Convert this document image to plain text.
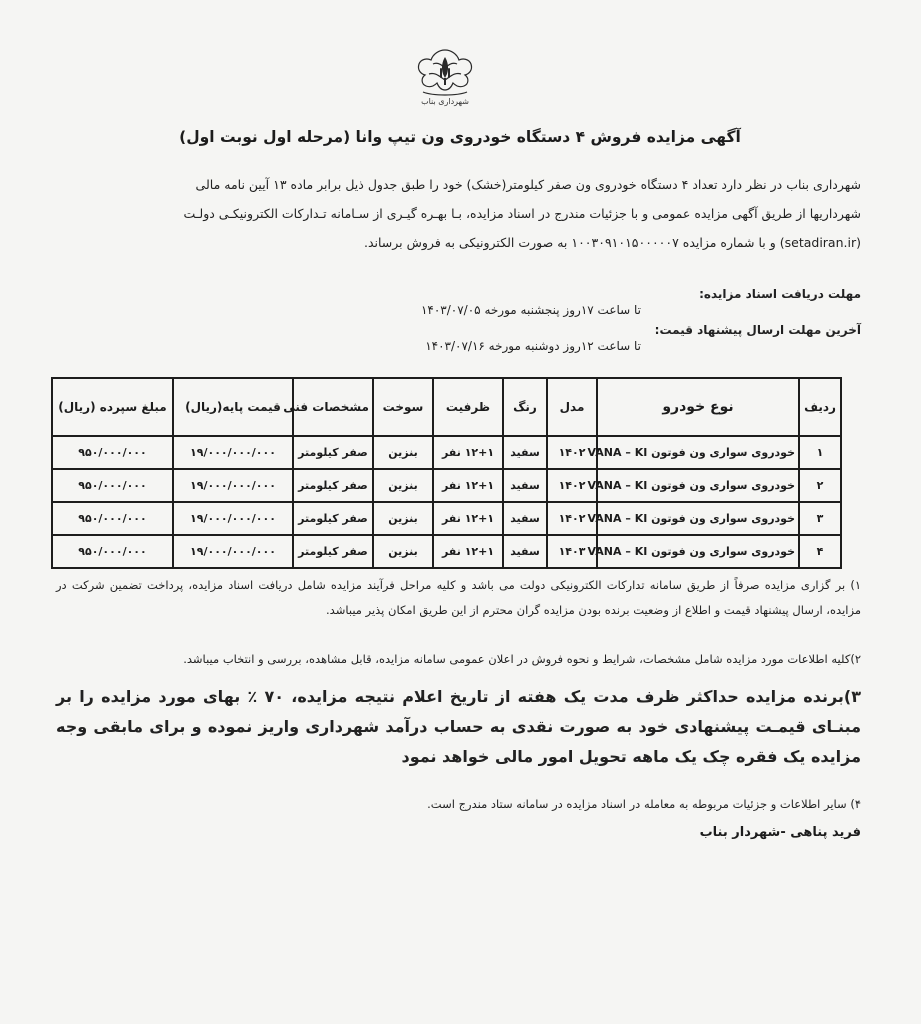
شهرداری بناب
آگهی مزایده فروش ۴ دستگاه خودروی ون تیپ وانا (مرحله اول نوبت اول)

شهرداری بناب در نظر دارد تعداد ۴ دستگاه خودروی ون صفر کیلومتر(خشک) خود را طبق جدول ذیل برابر ماده ۱۳ آیین نامه مالی

شهرداریها از طریق آگهی مزایده عمومی و با جزئیات مندرج در اسناد مزایده، بـا بهـره گیـری از سـامانه تـدارکات الکترونیکـی دولـت

(setadiran.ir) و با شماره مزایده ۱۰۰۳۰۹۱۰۱۵۰۰۰۰۰۷ به صورت الکترونیکی به فروش برساند.

مهلت دریافت اسناد مزایده:
تا ساعت ۱۷روز پنجشنبه مورخه ۱۴۰۳/۰۷/۰۵
آخرین مهلت ارسال پیشنهاد قیمت:
تا ساعت ۱۲روز دوشنبه مورخه ۱۴۰۳/۰۷/۱۶
ردیف	نوع خودرو	مدل	رنگ	ظرفیت	سوخت	مشخصات فنی	قیمت پایه(ریال)	مبلغ سپرده (ریال)
۱	خودروی سواری ون فوتون VANA – KI	۱۴۰۲	سفید	۱۲+۱ نفر	بنزین	صفر کیلومتر	۱۹/۰۰۰/۰۰۰/۰۰۰	۹۵۰/۰۰۰/۰۰۰
۲	خودروی سواری ون فوتون VANA – KI	۱۴۰۲	سفید	۱۲+۱ نفر	بنزین	صفر کیلومتر	۱۹/۰۰۰/۰۰۰/۰۰۰	۹۵۰/۰۰۰/۰۰۰
۳	خودروی سواری ون فوتون VANA – KI	۱۴۰۲	سفید	۱۲+۱ نفر	بنزین	صفر کیلومتر	۱۹/۰۰۰/۰۰۰/۰۰۰	۹۵۰/۰۰۰/۰۰۰
۴	خودروی سواری ون فوتون VANA – KI	۱۴۰۳	سفید	۱۲+۱ نفر	بنزین	صفر کیلومتر	۱۹/۰۰۰/۰۰۰/۰۰۰	۹۵۰/۰۰۰/۰۰۰
۱) بر گزاری مزایده صرفاً از طریق سامانه تدارکات الکترونیکی دولت می باشد و کلیه مراحل فرآیند مزایده شامل دریافت اسناد مزایده، پرداخت تضمین شرکت در مزایده، ارسال پیشنهاد قیمت و اطلاع از وضعیت برنده بودن مزایده گران محترم از این طریق امکان پذیر میباشد.
۲)کلیه اطلاعات مورد مزایده شامل مشخصات، شرایط و نحوه فروش در اعلان عمومی سامانه مزایده، قابل مشاهده، بررسی و انتخاب میباشد.
۳)برنده مزایده حداکثر ظرف مدت یک هفته از تاریخ اعلام نتیجه مزایده، ۷۰ ٪ بهای مورد مزایده را بر مبنـای قیمـت پیشنهادی خود به صورت نقدی به حساب درآمد شهرداری واریز نموده و برای مابقی وجه مزایده یک فقره چک یک ماهه تحویل امور مالی خواهد نمود
۴) سایر اطلاعات و جزئیات مربوطه به معامله در اسناد مزایده در سامانه ستاد مندرج است.
فرید پناهی -شهردار بناب
